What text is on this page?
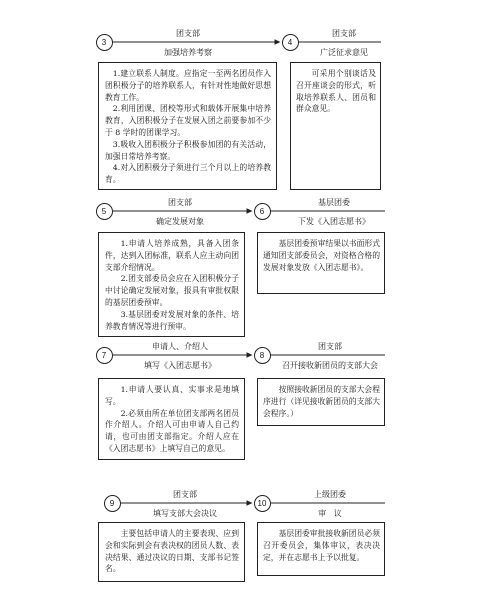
3
团支部
加强培养考察

1.建立联系人制度。应指定一至两名团员作入团积极分子的培养联系人，有针对性地做好思想教育工作。

2.利用团课、团校等形式和载体开展集中培养教育，入团积极分子在发展入团之前要参加不少于 8 学时的团课学习。

3.吸收入团积极分子积极参加团的有关活动，加强日常培养考察。

4.对入团积极分子须进行三个月以上的培养教育。

4
团支部
广泛征求意见

可采用个别谈话及召开座谈会的形式，听取培养联系人、团员和群众意见。

5
团支部
确定发展对象

1.申请人培养成熟，具备入团条件，达到入团标准，联系人应主动向团支部介绍情况。

2.团支部委员会应在入团积极分子中讨论确定发展对象，报具有审批权限的基层团委预审。

3.基层团委对发展对象的条件、培养教育情况等进行预审。

6
基层团委
下发《入团志愿书》

基层团委预审结果以书面形式通知团支部委员会，对资格合格的发展对象发放《入团志愿书》。

7
申请人、介绍人
填写《入团志愿书》

1.申请人要认真、实事求是地填写。

2.必须由所在单位团支部两名团员作介绍人。介绍人可由申请人自己约请，也可由团支部指定。介绍人应在《入团志愿书》上填写自己的意见。

8
团支部
召开接收新团员的支部大会

按照接收新团员的支部大会程序进行（详见接收新团员的支部大会程序。）

9
团支部
填写支部大会决议

主要包括申请人的主要表现、应到会和实际到会有表决权的团员人数、表决结果、通过决议的日期、支部书记签名。

10
上级团委
审   议

基层团委审批接收新团员必须召开委员会，集体审议，表决决定，并在志愿书上予以批复。
